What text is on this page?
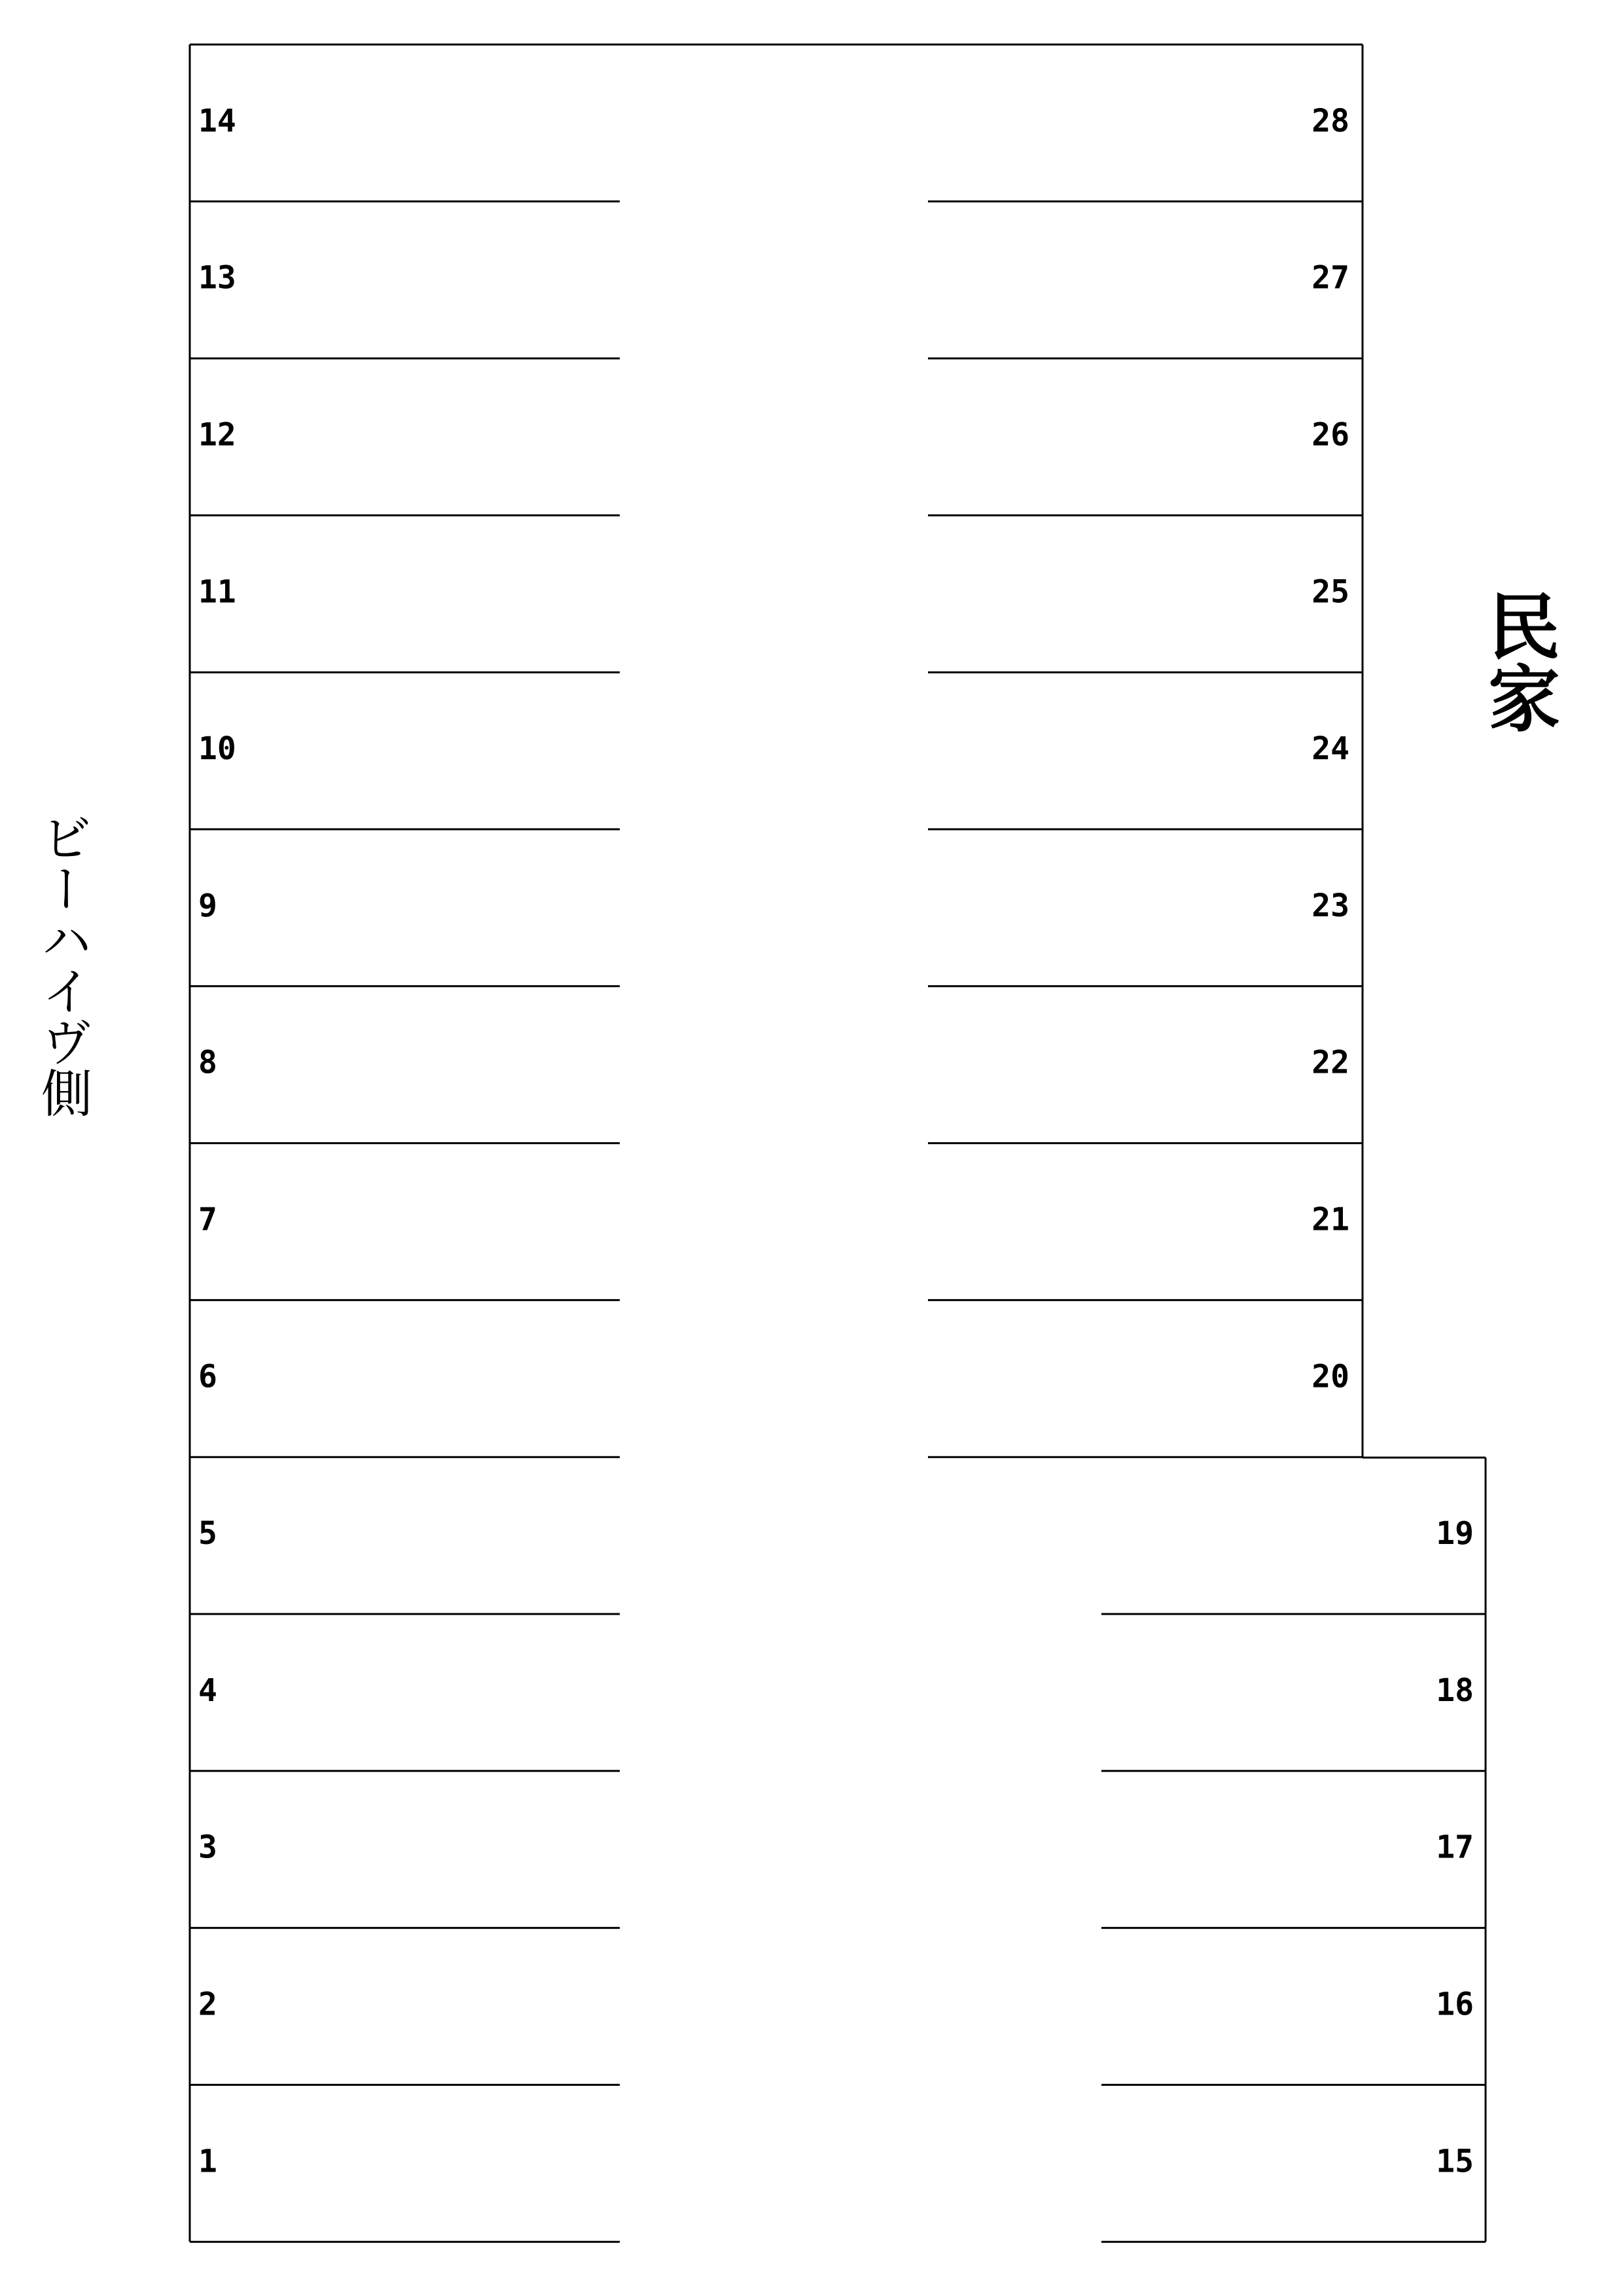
14
13
12
11
10
9
8
7
6
5
4
3
2
1
28
27
26
25
24
23
22
21
20
19
18
17
16
15
ビーハイヴ側
民家
